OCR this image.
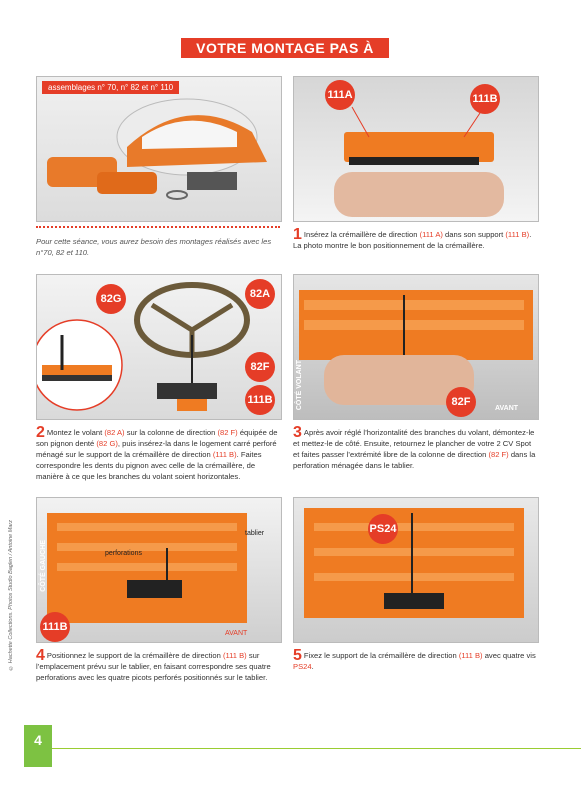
VOTRE MONTAGE PAS À PAS
assemblages n° 70, n° 82 et n° 110
Pour cette séance, vous aurez besoin des montages réalisés avec les n°70, 82 et 110.
111A	111B
1 Insérez la crémaillère de direction (111 A) dans son support (111 B). La photo montre le bon positionnement de la crémaillère.
82G	82A
82F
111B	82F
CÔTÉ VOLANT	AVANT
2 Montez le volant (82 A) sur la colonne de direction (82 F) équipée de son pignon denté (82 G), puis insérez-la dans le logement carré perforé ménagé sur le support de la crémaillère de direction (111 B). Faites correspondre les dents du pignon avec celle de la crémaillère, de manière à ce que les branches du volant soient horizontales.
3 Après avoir réglé l’horizontalité des branches du volant, démontez-le et mettez-le de côté. Ensuite, retournez le plancher de votre 2 CV Spot et faites passer l’extrémité libre de la colonne de direction (82 F) dans la perforation ménagée dans le tablier.
111B
CÔTÉ GAUCHE
tablier
perforations
AVANT
PS24
4 Positionnez le support de la crémaillère de direction (111 B) sur l’emplacement prévu sur le tablier, en faisant correspondre ses quatre perforations avec les quatre picots perforés positionnés sur le tablier.
5 Fixez le support de la crémaillère de direction (111 B) avec quatre vis PS24.
© Hachette Collections. Photos Studio Baglen / Antoine Marz
4
